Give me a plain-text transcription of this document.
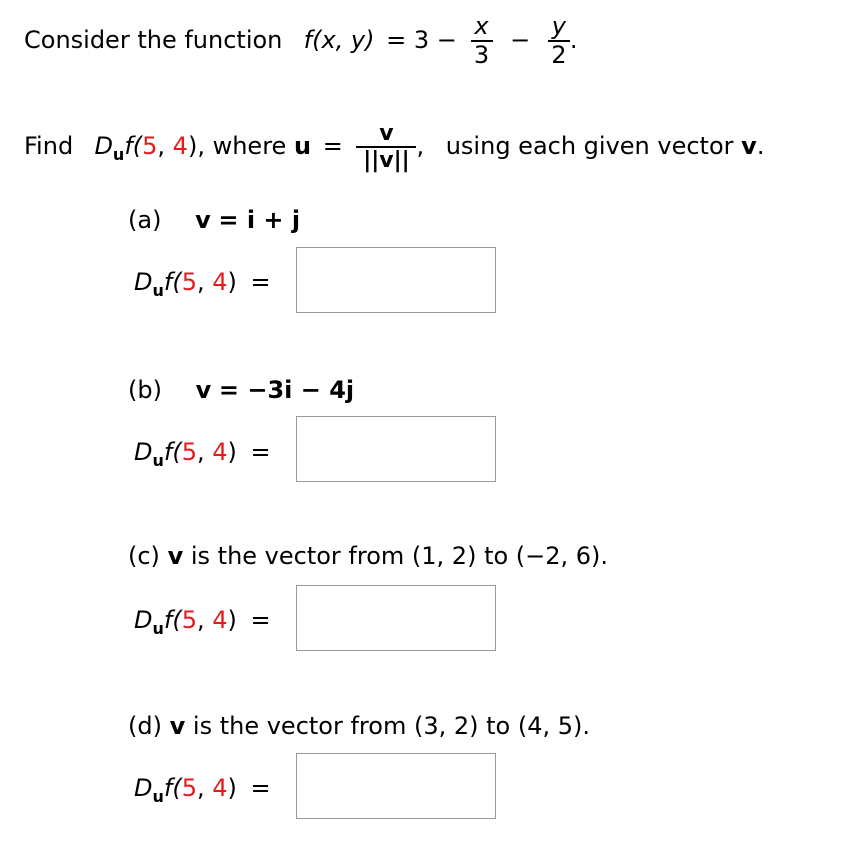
Consider the function f(x, $y) = 3 - \frac{x}{3} - \frac{y}{2}$ .
Find $D_uf(5$, 4), where $u = \frac{v}{||v||}$ , using each given vector v.
(a) v = i + j
$D_uf(5$, 4) =
(b) v = −3i − 4j
$D_uf(5$, 4) =
(c) v is the vector from (1, 2) to (−2, 6).
$D_uf(5$, 4) =
(d) v is the vector from (3, 2) to (4, 5).
$D_uf(5$, 4) =
